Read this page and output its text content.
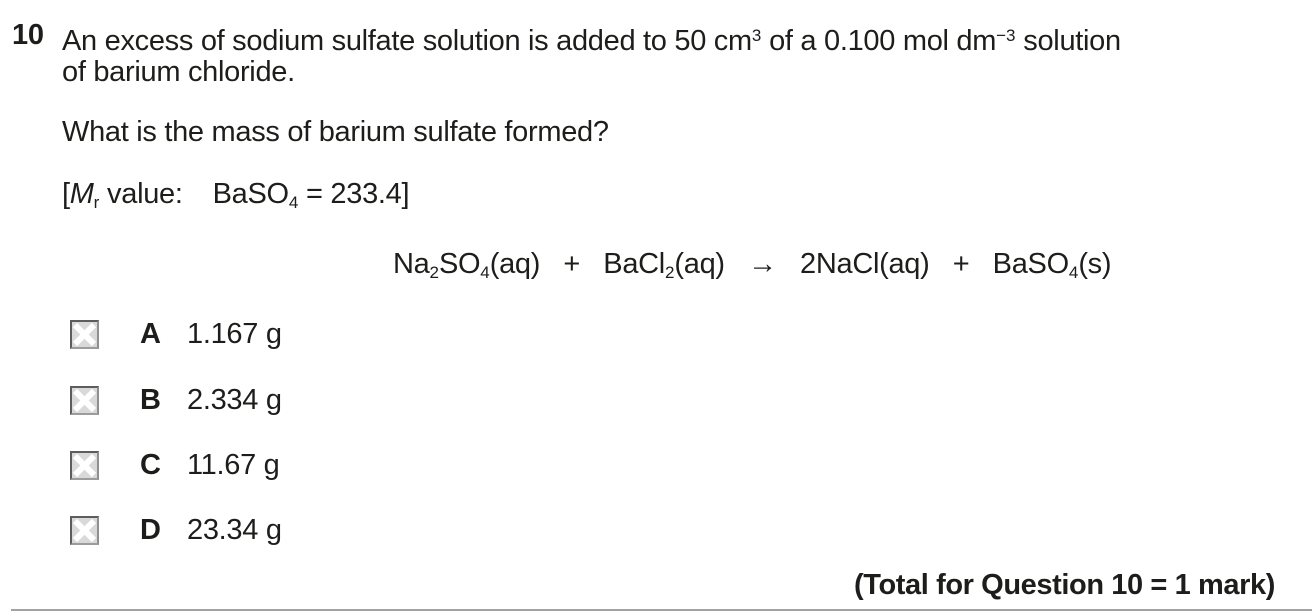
10 An excess of sodium sulfate solution is added to 50 $cm^3$ of a 0.100 mol $dm^{-3}$ solution
of barium chloride.
What is the mass of barium sulfate formed?
[$M_r$ value: BaSO$_4$ = 233.4]
$Na_2SO_4(aq)$   +   BaCl$_2$(aq)   →   2NaCl(aq)   +   BaSO$_4$(s)
A 1.167 g
B 2.334 g
C 11.67 g
D 23.34 g
(Total for Question 10 = 1 mark)
